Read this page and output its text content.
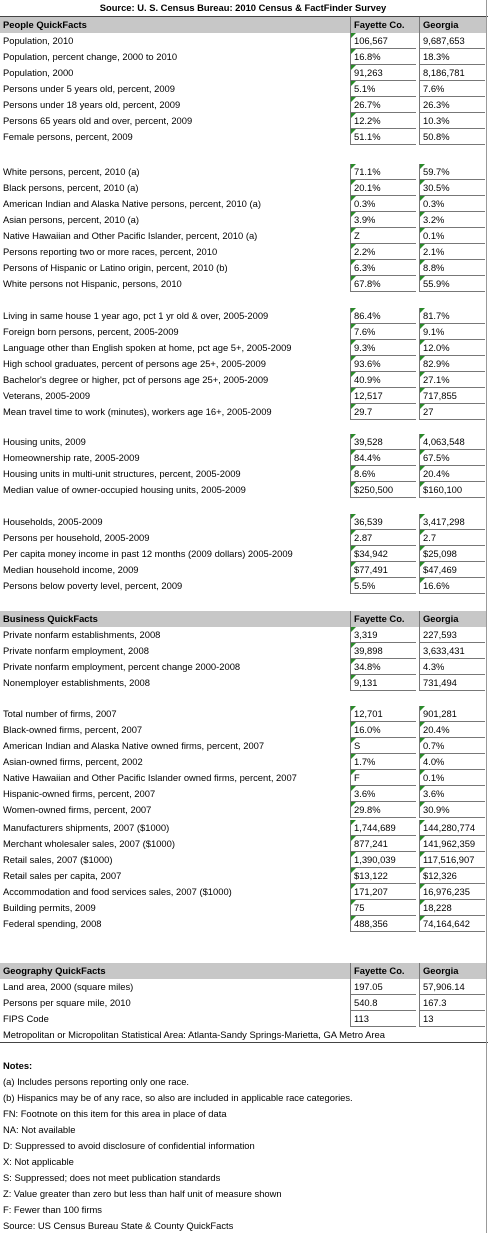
Source: U. S. Census Bureau: 2010 Census & FactFinder Survey
People QuickFacts	Fayette Co.	Georgia
Population, 2010	106,567	9,687,653
Population, percent change, 2000 to 2010	16.8%	18.3%
Population, 2000	91,263	8,186,781
Persons under 5 years old, percent, 2009	5.1%	7.6%
Persons under 18 years old, percent, 2009	26.7%	26.3%
Persons 65 years old and over, percent, 2009	12.2%	10.3%
Female persons, percent, 2009	51.1%	50.8%
White persons, percent, 2010 (a)	71.1%	59.7%
Black persons, percent, 2010 (a)	20.1%	30.5%
American Indian and Alaska Native persons, percent, 2010 (a)	0.3%	0.3%
Asian persons, percent, 2010 (a)	3.9%	3.2%
Native Hawaiian and Other Pacific Islander, percent, 2010 (a)	Z	0.1%
Persons reporting two or more races, percent, 2010	2.2%	2.1%
Persons of Hispanic or Latino origin, percent, 2010 (b)	6.3%	8.8%
White persons not Hispanic, persons, 2010	67.8%	55.9%
Living in same house 1 year ago, pct 1 yr old & over, 2005-2009	86.4%	81.7%
Foreign born persons, percent, 2005-2009	7.6%	9.1%
Language other than English spoken at home, pct age 5+, 2005-2009	9.3%	12.0%
High school graduates, percent of persons age 25+, 2005-2009	93.6%	82.9%
Bachelor's degree or higher, pct of persons age 25+, 2005-2009	40.9%	27.1%
Veterans, 2005-2009	12,517	717,855
Mean travel time to work (minutes), workers age 16+, 2005-2009	29.7	27
Housing units, 2009	39,528	4,063,548
Homeownership rate, 2005-2009	84.4%	67.5%
Housing units in multi-unit structures, percent, 2005-2009	8.6%	20.4%
Median value of owner-occupied housing units, 2005-2009	$250,500	$160,100
Households, 2005-2009	36,539	3,417,298
Persons per household, 2005-2009	2.87	2.7
Per capita money income in past 12 months (2009 dollars) 2005-2009	$34,942	$25,098
Median household income, 2009	$77,491	$47,469
Persons below poverty level, percent, 2009	5.5%	16.6%
Business QuickFacts	Fayette Co.	Georgia
Private nonfarm establishments, 2008	3,319	227,593
Private nonfarm employment, 2008	39,898	3,633,431
Private nonfarm employment, percent change 2000-2008	34.8%	4.3%
Nonemployer establishments, 2008	9,131	731,494
Total number of firms, 2007	12,701	901,281
Black-owned firms, percent, 2007	16.0%	20.4%
American Indian and Alaska Native owned firms, percent, 2007	S	0.7%
Asian-owned firms, percent, 2002	1.7%	4.0%
Native Hawaiian and Other Pacific Islander owned firms, percent, 2007	F	0.1%
Hispanic-owned firms, percent, 2007	3.6%	3.6%
Women-owned firms, percent, 2007	29.8%	30.9%
Manufacturers shipments, 2007 ($1000)	1,744,689	144,280,774
Merchant wholesaler sales, 2007 ($1000)	877,241	141,962,359
Retail sales, 2007 ($1000)	1,390,039	117,516,907
Retail sales per capita, 2007	$13,122	$12,326
Accommodation and food services sales, 2007 ($1000)	171,207	16,976,235
Building permits, 2009	75	18,228
Federal spending, 2008	488,356	74,164,642
Geography QuickFacts	Fayette Co.	Georgia
Land area, 2000 (square miles)	197.05	57,906.14
Persons per square mile, 2010	540.8	167.3
FIPS Code	113	13
Metropolitan or Micropolitan Statistical Area: Atlanta-Sandy Springs-Marietta, GA Metro Area
Notes:
(a) Includes persons reporting only one race.
(b) Hispanics may be of any race, so also are included in applicable race categories.
FN: Footnote on this item for this area in place of data
NA: Not available
D: Suppressed to avoid disclosure of confidential information
X: Not applicable
S: Suppressed; does not meet publication standards
Z: Value greater than zero but less than half unit of measure shown
F: Fewer than 100 firms
Source: US Census Bureau State & County QuickFacts
